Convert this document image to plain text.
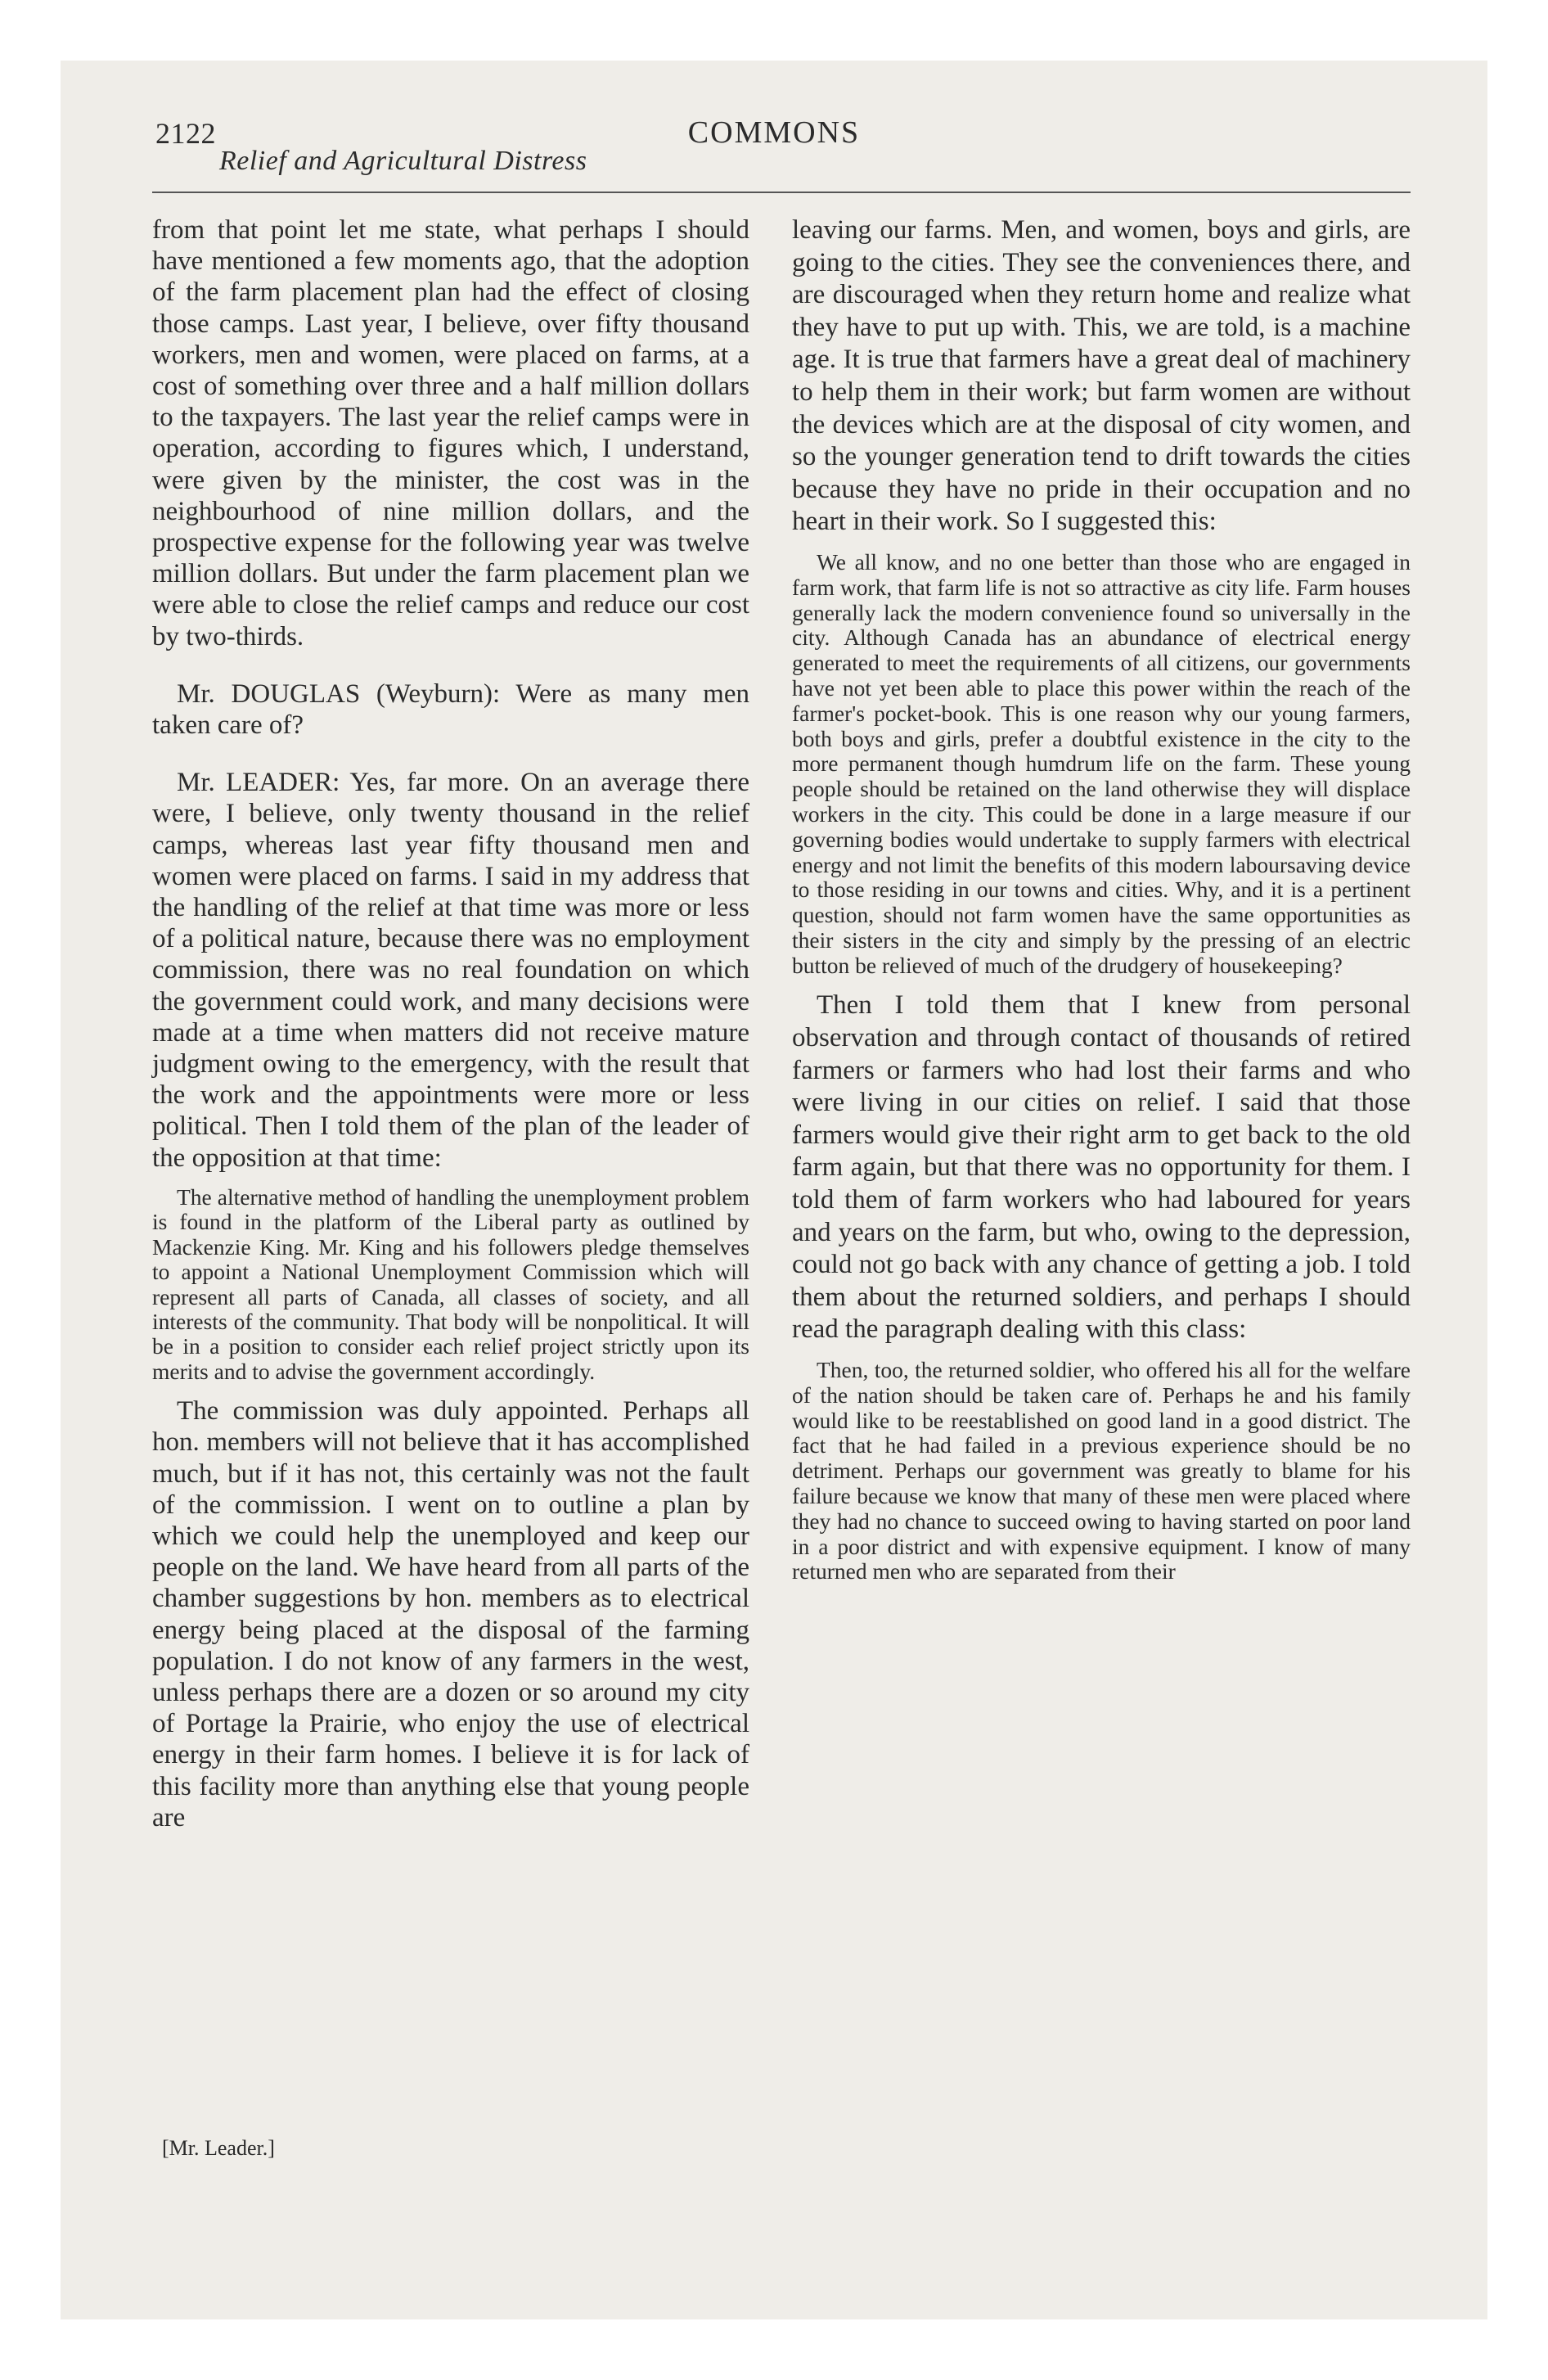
2122	COMMONS
Relief and Agricultural Distress

from that point let me state, what perhaps I should have mentioned a few moments ago, that the adoption of the farm placement plan had the effect of closing those camps. Last year, I believe, over fifty thousand workers, men and women, were placed on farms, at a cost of something over three and a half million dollars to the taxpayers. The last year the relief camps were in operation, according to figures which, I understand, were given by the minister, the cost was in the neighbourhood of nine million dollars, and the prospective expense for the following year was twelve million dollars. But under the farm placement plan we were able to close the relief camps and reduce our cost by two-thirds.

Mr. DOUGLAS (Weyburn): Were as many men taken care of?

Mr. LEADER: Yes, far more. On an average there were, I believe, only twenty thousand in the relief camps, whereas last year fifty thousand men and women were placed on farms. I said in my address that the handling of the relief at that time was more or less of a political nature, because there was no employment commission, there was no real foundation on which the government could work, and many decisions were made at a time when matters did not receive mature judgment owing to the emergency, with the result that the work and the appointments were more or less political. Then I told them of the plan of the leader of the opposition at that time:

The alternative method of handling the unemployment problem is found in the platform of the Liberal party as outlined by Mackenzie King. Mr. King and his followers pledge themselves to appoint a National Unemployment Commission which will represent all parts of Canada, all classes of society, and all interests of the community. That body will be nonpolitical. It will be in a position to consider each relief project strictly upon its merits and to advise the government accordingly.

The commission was duly appointed. Perhaps all hon. members will not believe that it has accomplished much, but if it has not, this certainly was not the fault of the commission. I went on to outline a plan by which we could help the unemployed and keep our people on the land. We have heard from all parts of the chamber suggestions by hon. members as to electrical energy being placed at the disposal of the farming population. I do not know of any farmers in the west, unless perhaps there are a dozen or so around my city of Portage la Prairie, who enjoy the use of electrical energy in their farm homes. I believe it is for lack of this facility more than anything else that young people are

leaving our farms. Men, and women, boys and girls, are going to the cities. They see the conveniences there, and are discouraged when they return home and realize what they have to put up with. This, we are told, is a machine age. It is true that farmers have a great deal of machinery to help them in their work; but farm women are without the devices which are at the disposal of city women, and so the younger generation tend to drift towards the cities because they have no pride in their occupation and no heart in their work. So I suggested this:

We all know, and no one better than those who are engaged in farm work, that farm life is not so attractive as city life. Farm houses generally lack the modern convenience found so universally in the city. Although Canada has an abundance of electrical energy generated to meet the requirements of all citizens, our governments have not yet been able to place this power within the reach of the farmer's pocket-book. This is one reason why our young farmers, both boys and girls, prefer a doubtful existence in the city to the more permanent though humdrum life on the farm. These young people should be retained on the land otherwise they will displace workers in the city. This could be done in a large measure if our governing bodies would undertake to supply farmers with electrical energy and not limit the benefits of this modern laboursaving device to those residing in our towns and cities. Why, and it is a pertinent question, should not farm women have the same opportunities as their sisters in the city and simply by the pressing of an electric button be relieved of much of the drudgery of housekeeping?

Then I told them that I knew from personal observation and through contact of thousands of retired farmers or farmers who had lost their farms and who were living in our cities on relief. I said that those farmers would give their right arm to get back to the old farm again, but that there was no opportunity for them. I told them of farm workers who had laboured for years and years on the farm, but who, owing to the depression, could not go back with any chance of getting a job. I told them about the returned soldiers, and perhaps I should read the paragraph dealing with this class:

Then, too, the returned soldier, who offered his all for the welfare of the nation should be taken care of. Perhaps he and his family would like to be reestablished on good land in a good district. The fact that he had failed in a previous experience should be no detriment. Perhaps our government was greatly to blame for his failure because we know that many of these men were placed where they had no chance to succeed owing to having started on poor land in a poor district and with expensive equipment. I know of many returned men who are separated from their

[Mr. Leader.]
